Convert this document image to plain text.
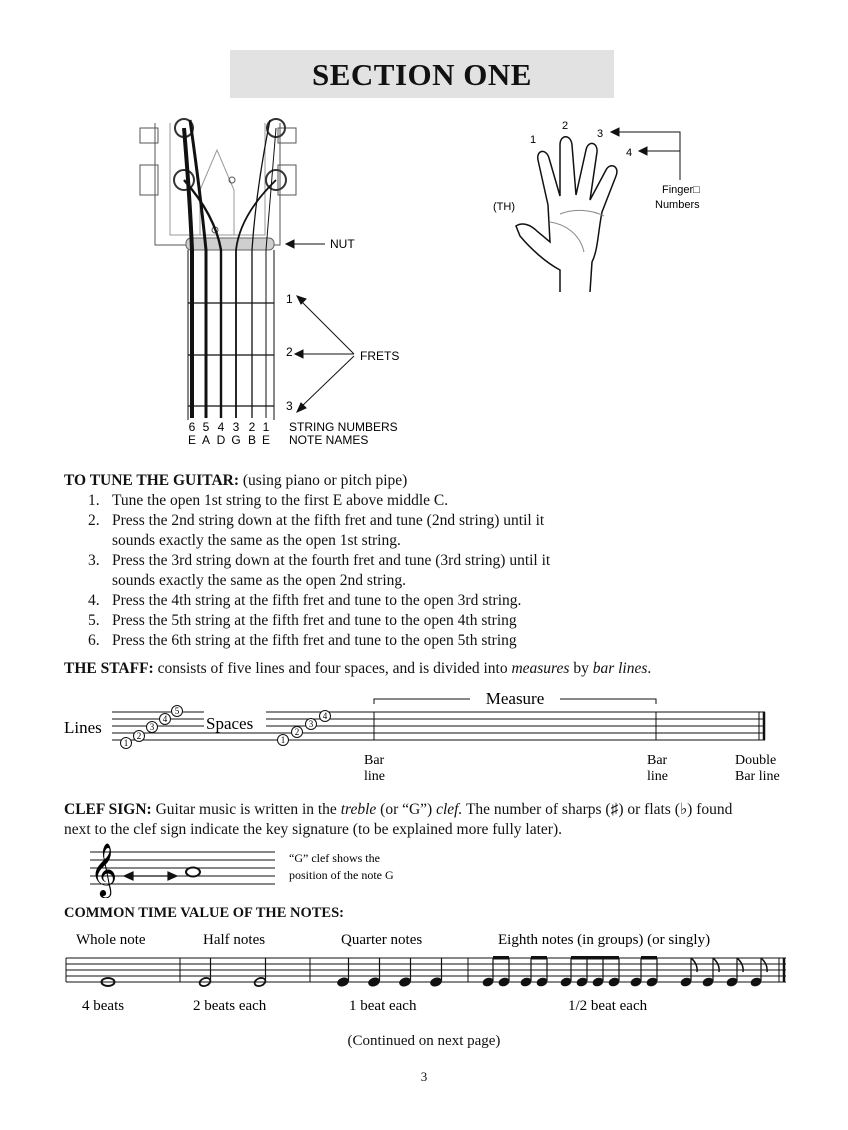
SECTION ONE
NUT
FRETS
1
2
3
6 5 4 3 2 1
E A D G B E
STRING NUMBERS
NOTE NAMES
1
2
3
4
(TH)
Finger□
Numbers
TO TUNE THE GUITAR: (using piano or pitch pipe)
1. Tune the open 1st string to the first E above middle C.
2. Press the 2nd string down at the fifth fret and tune (2nd string) until it
sounds exactly the same as the open 1st string.
3. Press the 3rd string down at the fourth fret and tune (3rd string) until it
sounds exactly the same as the open 2nd string.
4. Press the 4th string at the fifth fret and tune to the open 3rd string.
5. Press the 5th string at the fifth fret and tune to the open 4th string
6. Press the 6th string at the fifth fret and tune to the open 5th string
THE STAFF: consists of five lines and four spaces, and is divided into measures by bar lines.
Lines	Spaces
1
2
3
4
5
1
2
3
4
Measure
Bar
line
Bar
line
Double
Bar line
CLEF SIGN: Guitar music is written in the treble (or “G”) clef. The number of sharps (♯) or flats (♭) found
next to the clef sign indicate the key signature (to be explained more fully later).
𝄞	“G” clef shows the
position of the note G
COMMON TIME VALUE OF THE NOTES:
Whole note	Half notes	Quarter notes	Eighth notes (in groups) (or singly)
4 beats	2 beats each	1 beat each	1/2 beat each
(Continued on next page)
3
